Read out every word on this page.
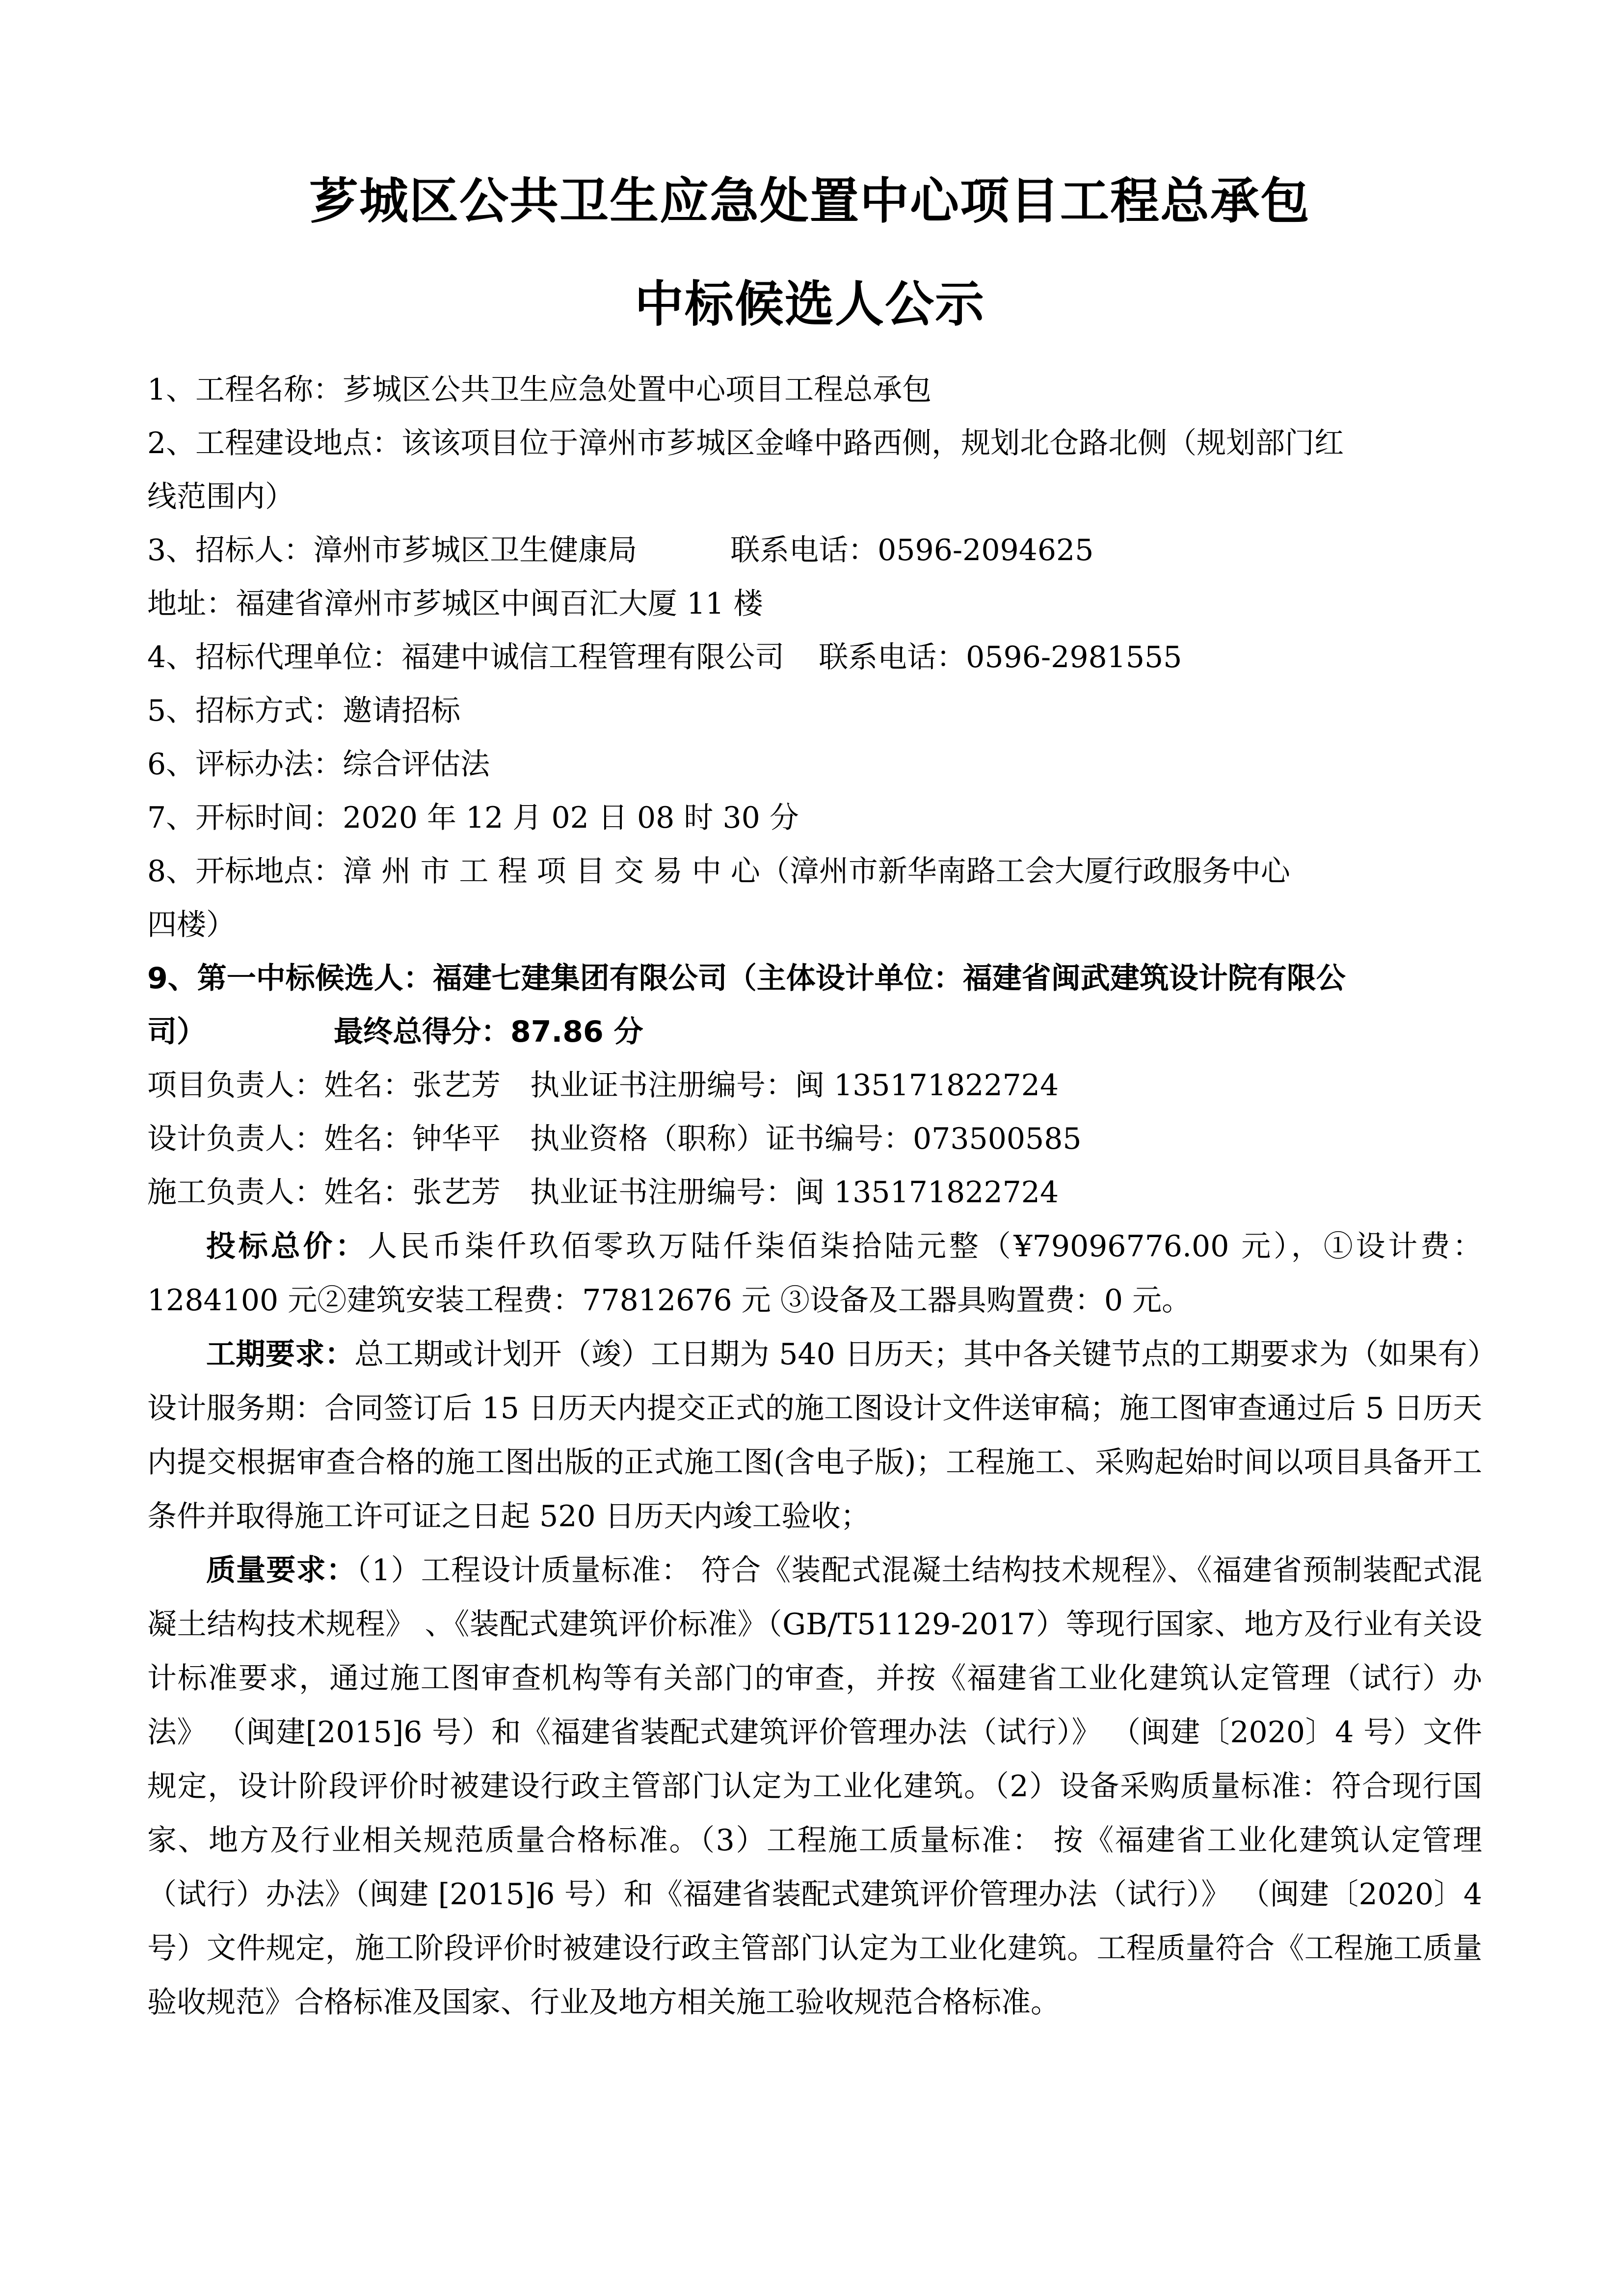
芗城区公共卫生应急处置中心项目工程总承包
中标候选人公示
1、工程名称：芗城区公共卫生应急处置中心项目工程总承包
2、工程建设地点：该该项目位于漳州市芗城区金峰中路西侧，规划北仓路北侧（规划部门红
线范围内）
3、招标人：漳州市芗城区卫生健康局	联系电话：0596-2094625
地址：福建省漳州市芗城区中闽百汇大厦 11 楼
4、招标代理单位：福建中诚信工程管理有限公司 联系电话：0596-2981555
5、招标方式：邀请招标
6、评标办法：综合评估法
7、开标时间：2020 年 12 月 02 日 08 时 30 分
8、开标地点：漳 州 市 工 程 项 目 交 易 中 心（漳州市新华南路工会大厦行政服务中心
四楼）
9、第一中标候选人：福建七建集团有限公司（主体设计单位：福建省闽武建筑设计院有限公
司）	最终总得分：87.86 分
项目负责人：姓名：张艺芳　执业证书注册编号：闽 135171822724
设计负责人：姓名：钟华平　执业资格（职称）证书编号：073500585
施工负责人：姓名：张艺芳　执业证书注册编号：闽 135171822724
投标总价：人民币柒仟玖佰零玖万陆仟柒佰柒拾陆元整（¥79096776.00 元），①设计费：1284100 元②建筑安装工程费：77812676 元 ③设备及工器具购置费：0 元。
工期要求：总工期或计划开（竣）工日期为 540 日历天；其中各关键节点的工期要求为（如果有）设计服务期：合同签订后 15 日历天内提交正式的施工图设计文件送审稿；施工图审查通过后 5 日历天内提交根据审查合格的施工图出版的正式施工图(含电子版)；工程施工、采购起始时间以项目具备开工条件并取得施工许可证之日起 520 日历天内竣工验收；
质量要求：（1）工程设计质量标准： 符合《装配式混凝土结构技术规程》、《福建省预制装配式混凝土结构技术规程》 、《装配式建筑评价标准》（GB/T51129-2017）等现行国家、地方及行业有关设计标准要求，通过施工图审查机构等有关部门的审查，并按《福建省工业化建筑认定管理（试行）办法》 （闽建[2015]6 号）和《福建省装配式建筑评价管理办法（试行）》 （闽建〔2020〕4 号）文件规定，设计阶段评价时被建设行政主管部门认定为工业化建筑。（2）设备采购质量标准：符合现行国家、地方及行业相关规范质量合格标准。（3）工程施工质量标准： 按《福建省工业化建筑认定管理（试行）办法》（闽建 [2015]6 号）和《福建省装配式建筑评价管理办法（试行）》 （闽建〔2020〕4 号）文件规定，施工阶段评价时被建设行政主管部门认定为工业化建筑。工程质量符合《工程施工质量验收规范》合格标准及国家、行业及地方相关施工验收规范合格标准。
